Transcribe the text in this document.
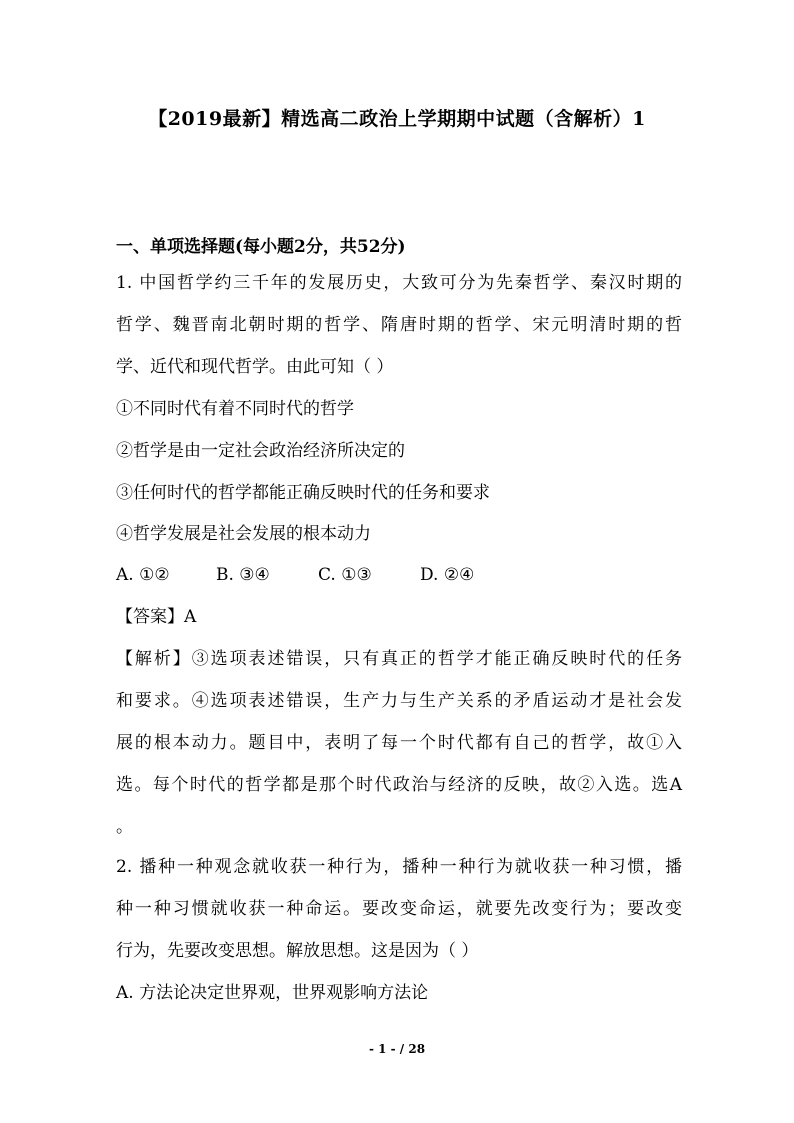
【2019最新】精选高二政治上学期期中试题（含解析）1
一、单项选择题(每小题2分，共52分)
1. 中国哲学约三千年的发展历史，大致可分为先秦哲学、秦汉时期的
哲学、魏晋南北朝时期的哲学、隋唐时期的哲学、宋元明清时期的哲
学、近代和现代哲学。由此可知（ ）
①不同时代有着不同时代的哲学
②哲学是由一定社会政治经济所决定的
③任何时代的哲学都能正确反映时代的任务和要求
④哲学发展是社会发展的根本动力
A. ①②	B. ③④	C. ①③	D. ②④
【答案】A
【解析】③选项表述错误，只有真正的哲学才能正确反映时代的任务
和要求。④选项表述错误，生产力与生产关系的矛盾运动才是社会发
展的根本动力。题目中，表明了每一个时代都有自己的哲学，故①入
选。每个时代的哲学都是那个时代政治与经济的反映，故②入选。选A
。
2. 播种一种观念就收获一种行为，播种一种行为就收获一种习惯，播
种一种习惯就收获一种命运。要改变命运，就要先改变行为；要改变
行为，先要改变思想。解放思想。这是因为（ ）
A. 方法论决定世界观，世界观影响方法论
- 1 - / 28
